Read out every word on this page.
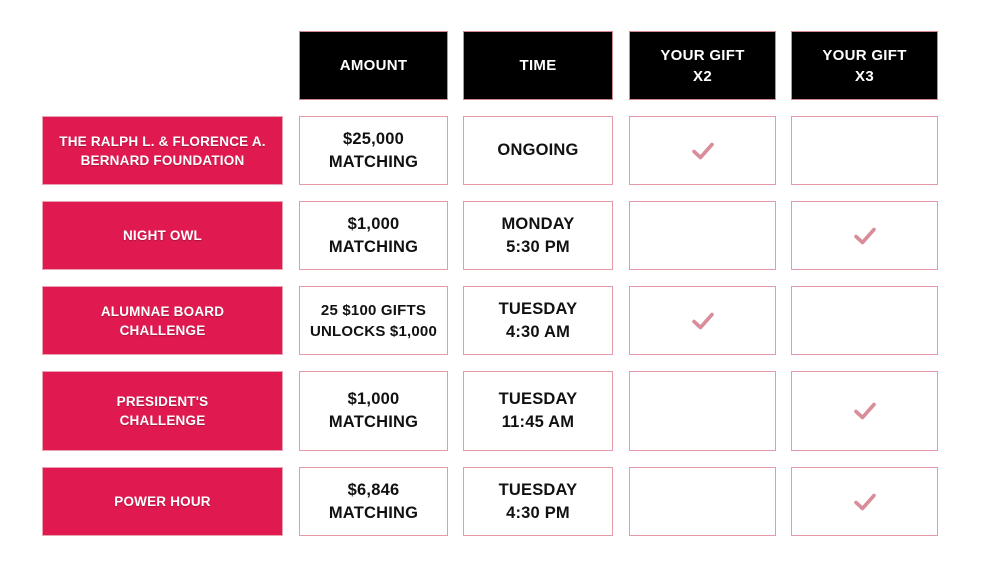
AMOUNT	TIME
YOUR GIFT
X2
YOUR GIFT
X3
THE RALPH L. & FLORENCE A.
BERNARD FOUNDATION
$25,000
MATCHING
ONGOING
NIGHT OWL
$1,000
MATCHING
MONDAY
5:30 PM
ALUMNAE BOARD
CHALLENGE
25 $100 GIFTS
UNLOCKS $1,000
TUESDAY
4:30 AM
PRESIDENT'S
CHALLENGE
$1,000
MATCHING
TUESDAY
11:45 AM
POWER HOUR
$6,846
MATCHING
TUESDAY
4:30 PM
